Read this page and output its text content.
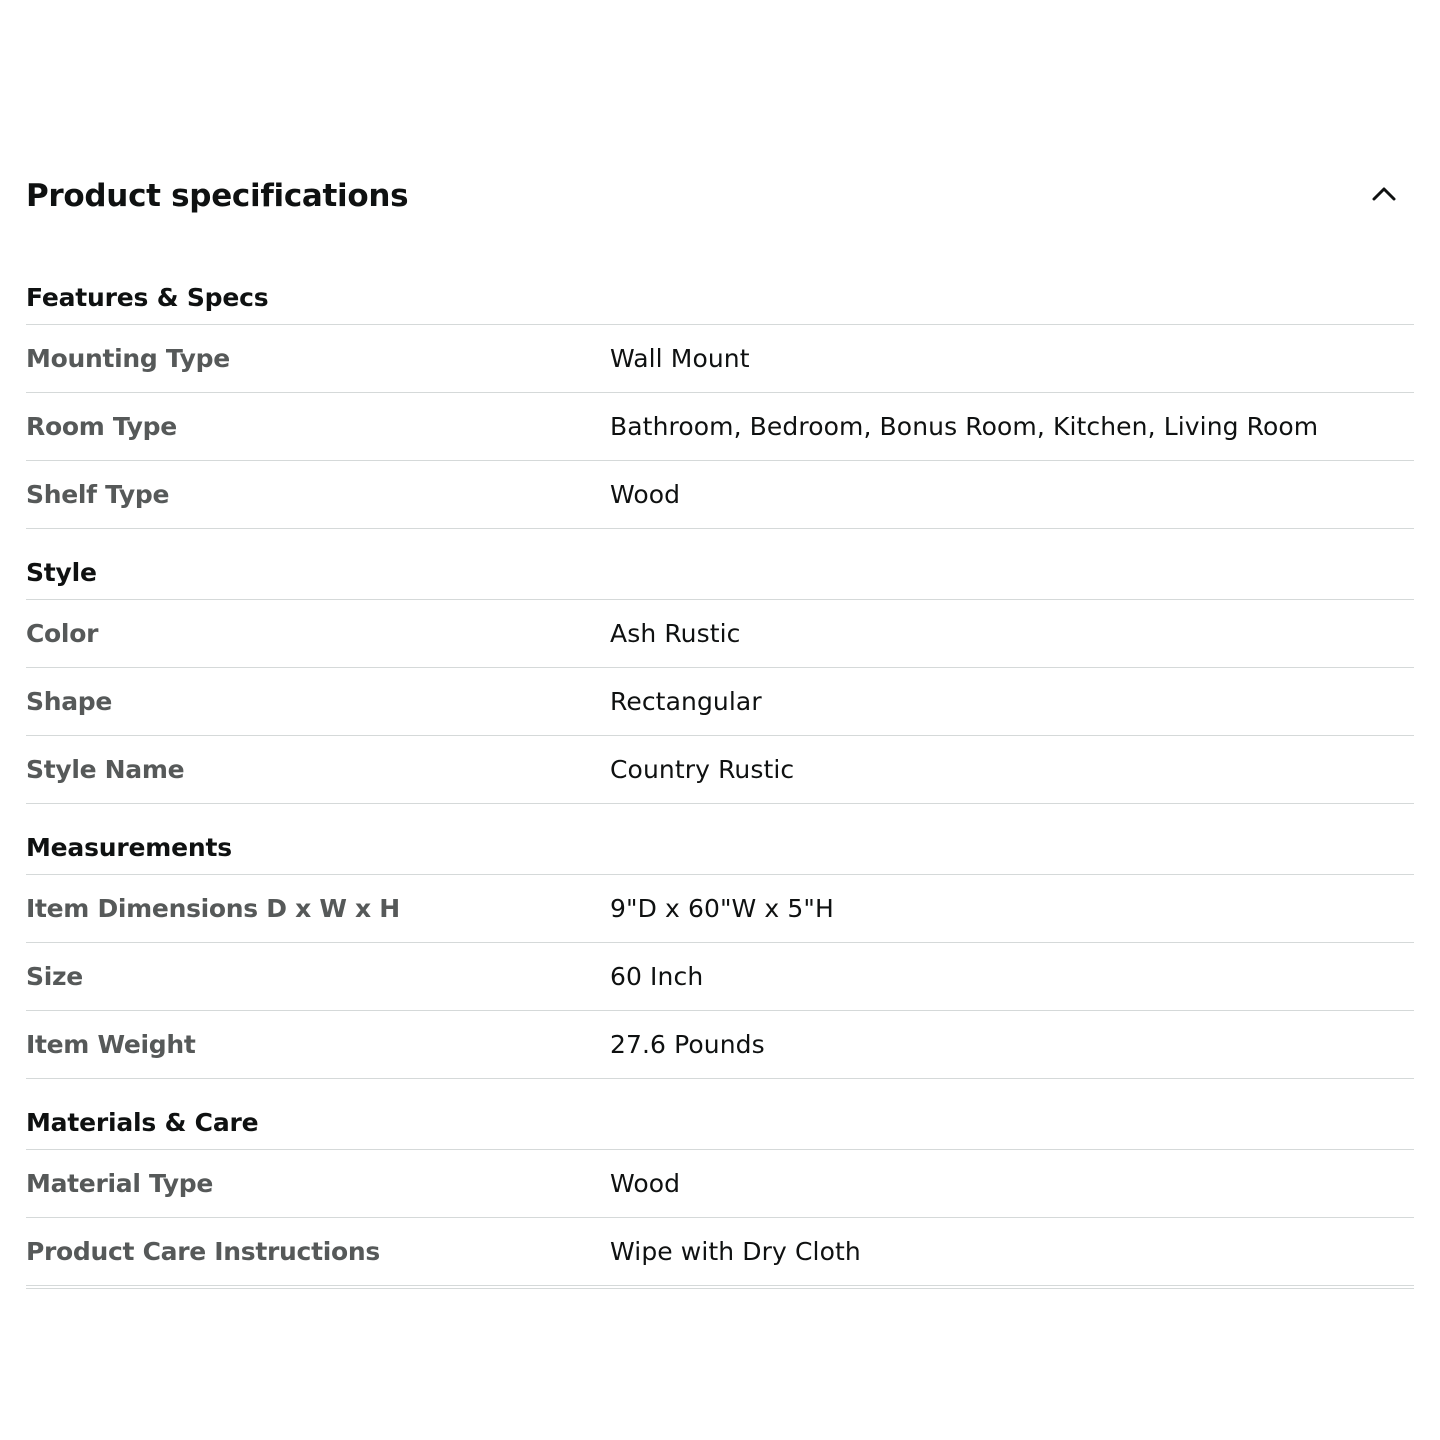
Product specifications
Features & Specs
Mounting Type	Wall Mount
Room Type	Bathroom, Bedroom, Bonus Room, Kitchen, Living Room
Shelf Type	Wood
Style
Color	Ash Rustic
Shape	Rectangular
Style Name	Country Rustic
Measurements
Item Dimensions D x W x H	9"D x 60"W x 5"H
Size	60 Inch
Item Weight	27.6 Pounds
Materials & Care
Material Type	Wood
Product Care Instructions	Wipe with Dry Cloth
